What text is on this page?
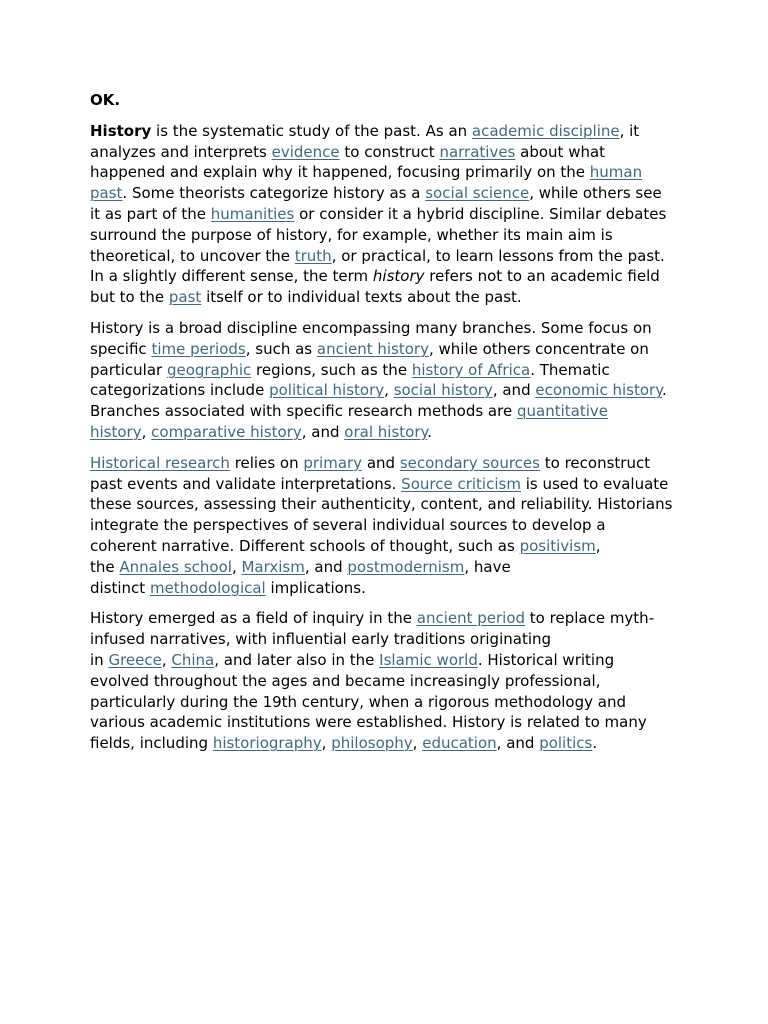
OK.

History is the systematic study of the past. As an academic discipline, it
analyzes and interprets evidence to construct narratives about what
happened and explain why it happened, focusing primarily on the human
past. Some theorists categorize history as a social science, while others see
it as part of the humanities or consider it a hybrid discipline. Similar debates
surround the purpose of history, for example, whether its main aim is
theoretical, to uncover the truth, or practical, to learn lessons from the past.
In a slightly different sense, the term history refers not to an academic field
but to the past itself or to individual texts about the past.

History is a broad discipline encompassing many branches. Some focus on
specific time periods, such as ancient history, while others concentrate on
particular geographic regions, such as the history of Africa. Thematic
categorizations include political history, social history, and economic history.
Branches associated with specific research methods are quantitative
history, comparative history, and oral history.

Historical research relies on primary and secondary sources to reconstruct
past events and validate interpretations. Source criticism is used to evaluate
these sources, assessing their authenticity, content, and reliability. Historians
integrate the perspectives of several individual sources to develop a
coherent narrative. Different schools of thought, such as positivism,
the Annales school, Marxism, and postmodernism, have
distinct methodological implications.

History emerged as a field of inquiry in the ancient period to replace myth-
infused narratives, with influential early traditions originating
in Greece, China, and later also in the Islamic world. Historical writing
evolved throughout the ages and became increasingly professional,
particularly during the 19th century, when a rigorous methodology and
various academic institutions were established. History is related to many
fields, including historiography, philosophy, education, and politics.
